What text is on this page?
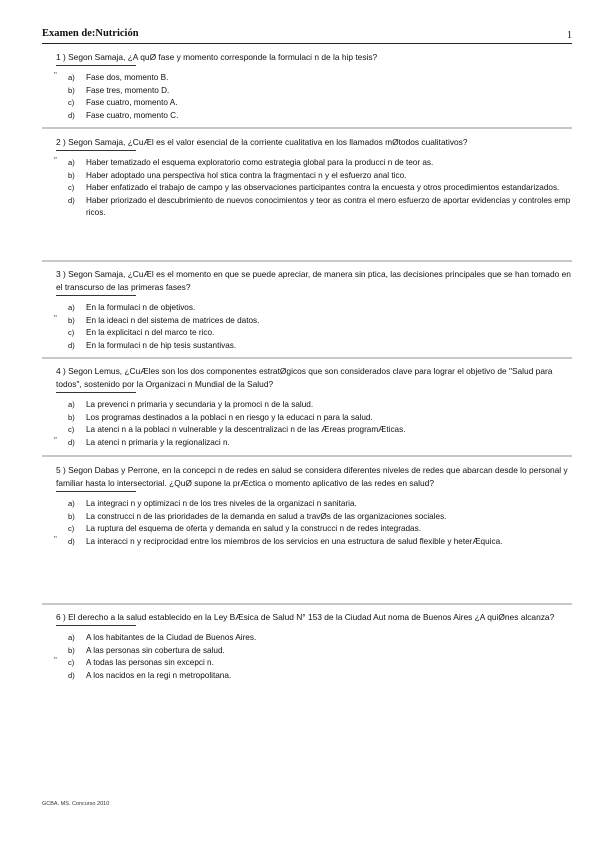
Examen de:Nutrición	1
1 ) Segon Samaja, ¿A quØ fase y momento corresponde la formulaci n de la hip tesis?
" a) Fase dos, momento B.
b) Fase tres, momento D.
c) Fase cuatro, momento A.
d) Fase cuatro, momento C.
2 ) Segon Samaja, ¿CuÆl es el valor esencial de la corriente cualitativa en los llamados mØtodos cualitativos?
" a) Haber tematizado el esquema exploratorio como estrategia global para la producci n de teor as.
b) Haber adoptado una perspectiva hol stica contra la fragmentaci n y el esfuerzo anal tico.
c) Haber enfatizado el trabajo de campo y las observaciones participantes contra la encuesta y otros procedimientos estandarizados.
d) Haber priorizado el descubrimiento de nuevos conocimientos y teor as contra el mero esfuerzo de aportar evidencias y controles emp ricos.
3 ) Segon Samaja, ¿CuÆl es el momento en que se puede apreciar, de manera sin ptica, las decisiones principales que se han tomado en el transcurso de las primeras fases?
a) En la formulaci n de objetivos.
" b) En la ideaci n del sistema de matrices de datos.
c) En la explicitaci n del marco te rico.
d) En la formulaci n de hip tesis sustantivas.
4 ) Segon Lemus, ¿CuÆles son los dos componentes estratØgicos que son considerados clave para lograr el objetivo de "Salud para todos", sostenido por la Organizaci n Mundial de la Salud?
a) La prevenci n primaria y secundaria y la promoci n de la salud.
b) Los programas destinados a la poblaci n en riesgo y la educaci n para la salud.
c) La atenci n a la poblaci n vulnerable y la descentralizaci n de las Æreas programÆticas.
" d) La atenci n primaria y la regionalizaci n.
5 ) Segon Dabas y Perrone, en la concepci n de redes en salud se considera diferentes niveles de redes que abarcan desde lo personal y familiar hasta lo intersectorial. ¿QuØ supone la prÆctica o momento aplicativo de las redes en salud?
a) La integraci n y optimizaci n de los tres niveles de la organizaci n sanitaria.
b) La construcci n de las prioridades de la demanda en salud a travØs de las organizaciones sociales.
c) La ruptura del esquema de oferta y demanda en salud y la construcci n de redes integradas.
" d) La interacci n y reciprocidad entre los miembros de los servicios en una estructura de salud flexible y heterÆquica.
6 ) El derecho a la salud establecido en la Ley BÆsica de Salud N° 153 de la Ciudad Aut noma de Buenos Aires ¿A quiØnes alcanza?
a) A los habitantes de la Ciudad de Buenos Aires.
b) A las personas sin cobertura de salud.
" c) A todas las personas sin excepci n.
d) A los nacidos en la regi n metropolitana.
GCBA. MS. Concurso 2010
